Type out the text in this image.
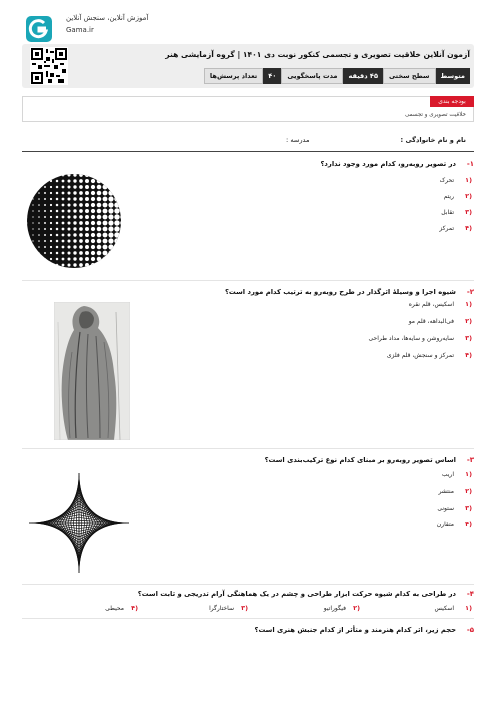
آموزش آنلاین، سنجش آنلاین
Gama.ir
آزمون آنلاین خلاقیت تصویری و تجسمی کنکور نوبت دی ۱۴۰۱ | گروه آزمایشی هنر
تعداد پرسش‌ها	۴۰	مدت پاسخگویی	۴۵ دقیقه	سطح سختی	متوسط
بودجه بندی
خلاقیت تصویری و تجسمی
نام و نام خانوادگی :
مدرسه :
-۱
در تصویر روبه‌رو، کدام مورد وجود ندارد؟
۱)
تحرک
۲)
ریتم
۳)
تقابل
۴)
تمرکز
-۲
شیوه اجرا و وسیلهٔ اثرگذار در طرح روبه‌رو به ترتیب کدام مورد است؟
۱)
اسکیس، قلم نقره
۲)
فی‌البداهه، قلم مو
۳)
سایه‌روشن و سایه‌ها، مداد طراحی
۴)
تمرکز و سنجش، قلم فلزی
-۳
اساس تصویر روبه‌رو بر مبنای کدام نوع ترکیب‌بندی است؟
۱)
اریب
۲)
منتشر
۳)
ستونی
۴)
متقارن
-۴
در طراحی به کدام شیوه حرکت ابزار طراحی و چشم در یک هماهنگی آرام تدریجی و ثابت است؟
۱)
اسکیس
۲)
فیگوراتیو
۳)
ساختارگرا
۴)
محیطی
-۵
حجم زیر، اثر کدام هنرمند و متأثر از کدام جنبش هنری است؟
